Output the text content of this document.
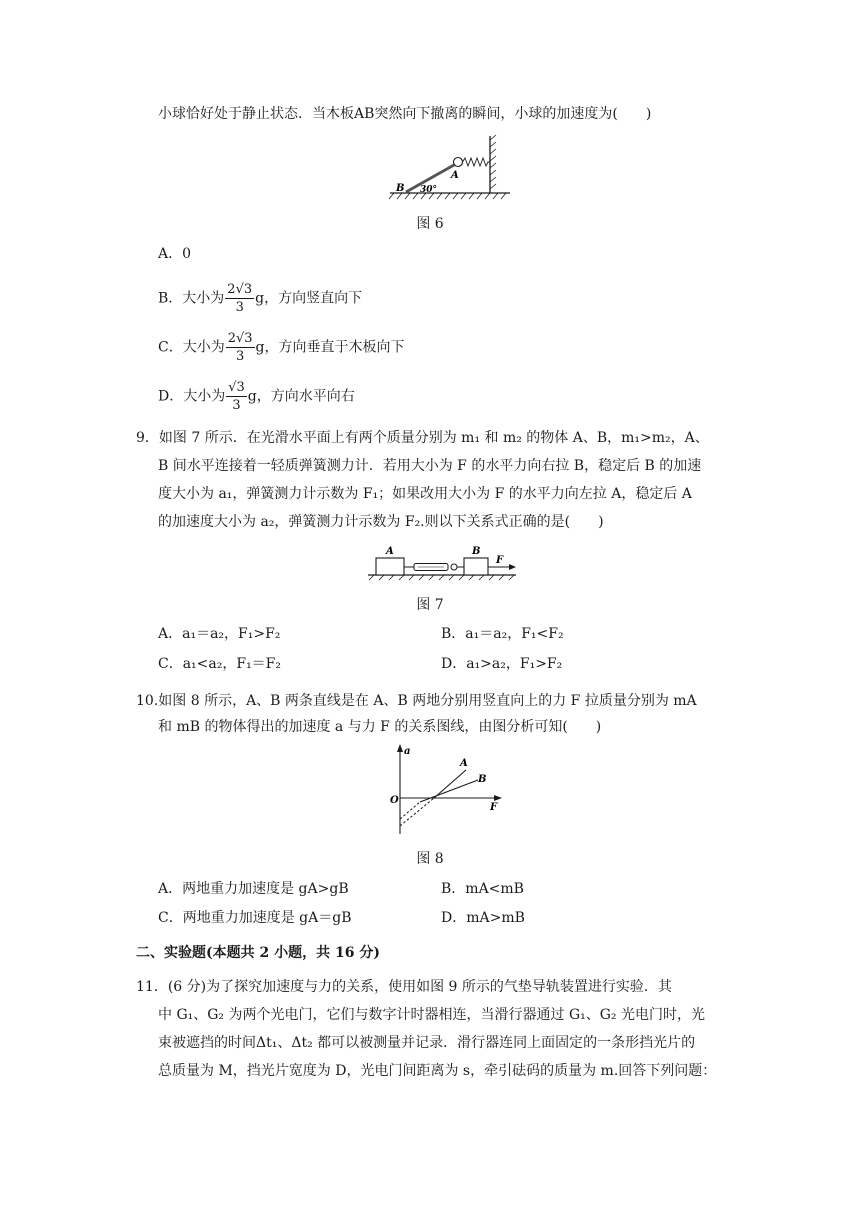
小球恰好处于静止状态．当木板AB突然向下撤离的瞬间，小球的加速度为(　　)
A
B 30°
图 6
A．0
B．大小为 $\frac{2√3}{3}$ g，方向竖直向下
C．大小为 $\frac{2√3}{3}$ g，方向垂直于木板向下
D．大小为 $\frac{√3}{3}$ g，方向水平向右
9．如图 7 所示．在光滑水平面上有两个质量分别为 m₁ 和 m₂ 的物体 A、B，m₁>m₂，A、
B 间水平连接着一轻质弹簧测力计．若用大小为 F 的水平力向右拉 B，稳定后 B 的加速
度大小为 a₁，弹簧测力计示数为 F₁；如果改用大小为 F 的水平力向左拉 A，稳定后 A
的加速度大小为 a₂，弹簧测力计示数为 F₂.则以下关系式正确的是(　　)
A	B
F
图 7
A．a₁＝a₂，F₁>F₂	B．a₁＝a₂，F₁<F₂
C．a₁<a₂，F₁＝F₂	D．a₁>a₂，F₁>F₂
10.如图 8 所示，A、B 两条直线是在 A、B 两地分别用竖直向上的力 F 拉质量分别为 mA
和 mB 的物体得出的加速度 a 与力 F 的关系图线，由图分析可知(　　)
a
O
F
A
B
图 8
A．两地重力加速度是 gA>gB	B．mA<mB
C．两地重力加速度是 gA＝gB	D．mA>mB
二、实验题(本题共 2 小题，共 16 分)
11．(6 分)为了探究加速度与力的关系，使用如图 9 所示的气垫导轨装置进行实验．其
中 G₁、G₂ 为两个光电门，它们与数字计时器相连，当滑行器通过 G₁、G₂ 光电门时，光
束被遮挡的时间Δt₁、Δt₂ 都可以被测量并记录．滑行器连同上面固定的一条形挡光片的
总质量为 M，挡光片宽度为 D，光电门间距离为 s，牵引砝码的质量为 m.回答下列问题：
